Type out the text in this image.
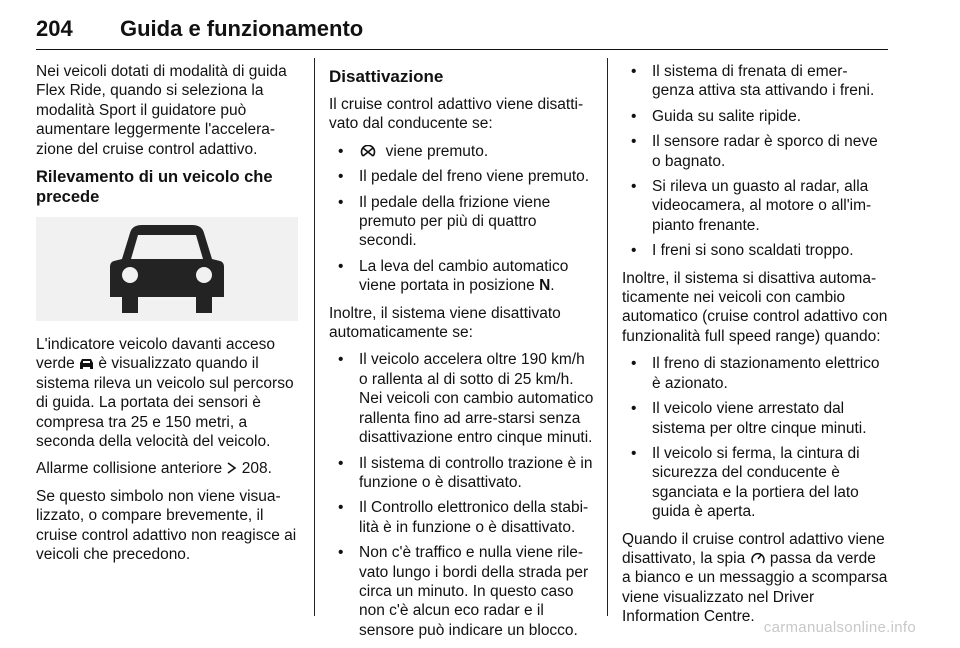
204 Guida e funzionamento

Nei veicoli dotati di modalità di guida Flex Ride, quando si seleziona la modalità Sport il guidatore può aumentare leggermente l'accelera-zione del cruise control adattivo.

Rilevamento di un veicolo che precede

L'indicatore veicolo davanti acceso verde  è visualizzato quando il sistema rileva un veicolo sul percorso di guida. La portata dei sensori è compresa tra 25 e 150 metri, a seconda della velocità del veicolo.

Allarme collisione anteriore  208.

Se questo simbolo non viene visua-lizzato, o compare brevemente, il cruise control adattivo non reagisce ai veicoli che precedono.

Disattivazione

Il cruise control adattivo viene disatti-vato dal conducente se:

• viene premuto.
• Il pedale del freno viene premuto.
• Il pedale della frizione viene premuto per più di quattro secondi.
• La leva del cambio automatico viene portata in posizione N.

Inoltre, il sistema viene disattivato automaticamente se:

• Il veicolo accelera oltre 190 km/h o rallenta al di sotto di 25 km/h. Nei veicoli con cambio automatico rallenta fino ad arre-starsi senza disattivazione entro cinque minuti.
• Il sistema di controllo trazione è in funzione o è disattivato.
• Il Controllo elettronico della stabi-lità è in funzione o è disattivato.
• Non c'è traffico e nulla viene rile-vato lungo i bordi della strada per circa un minuto. In questo caso non c'è alcun eco radar e il sensore può indicare un blocco.
• Il sistema di frenata di emer-genza attiva sta attivando i freni.
• Guida su salite ripide.
• Il sensore radar è sporco di neve o bagnato.
• Si rileva un guasto al radar, alla videocamera, al motore o all'im-pianto frenante.
• I freni si sono scaldati troppo.

Inoltre, il sistema si disattiva automa-ticamente nei veicoli con cambio automatico (cruise control adattivo con funzionalità full speed range) quando:

• Il freno di stazionamento elettrico è azionato.
• Il veicolo viene arrestato dal sistema per oltre cinque minuti.
• Il veicolo si ferma, la cintura di sicurezza del conducente è sganciata e la portiera del lato guida è aperta.

Quando il cruise control adattivo viene disattivato, la spia  passa da verde a bianco e un messaggio a scomparsa viene visualizzato nel Driver Information Centre.

carmanualsonline.info
